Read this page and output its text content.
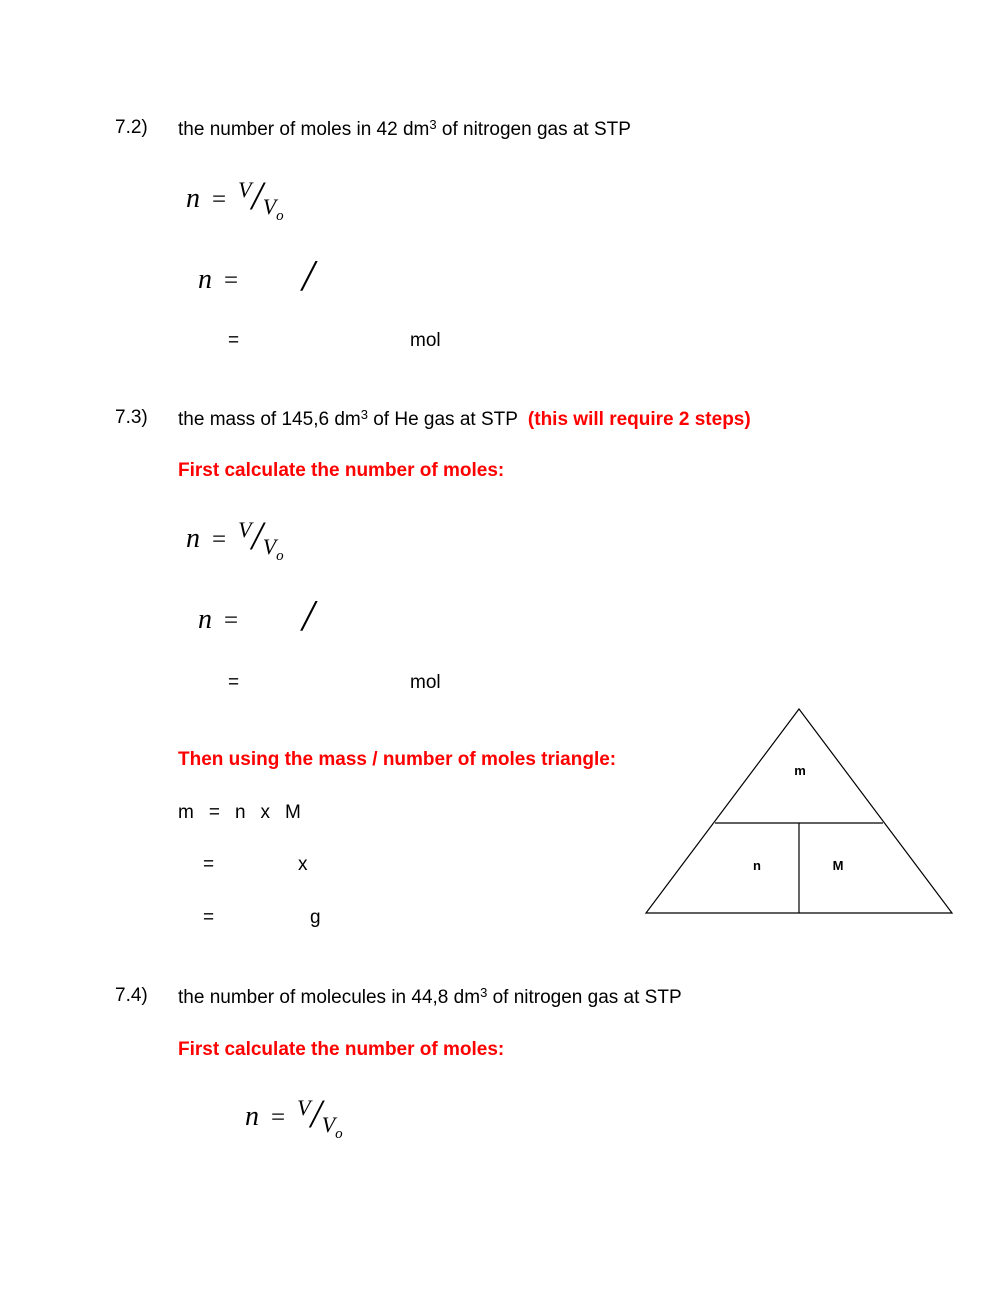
7.2)	the number of moles in 42 $dm^3$ of nitrogen gas at STP
n = V/Vo
n = /
=	mol
7.3)	the mass of 145,6 $dm^3$ of He gas at STP (this will require 2 steps)
First calculate the number of moles:
n = V/Vo
n = /
=	mol
Then using the mass / number of moles triangle:
m = n x M
=	x
=	g
m
n	M
7.4)	the number of molecules in 44,8 $dm^3$ of nitrogen gas at STP
First calculate the number of moles:
n = V/Vo
